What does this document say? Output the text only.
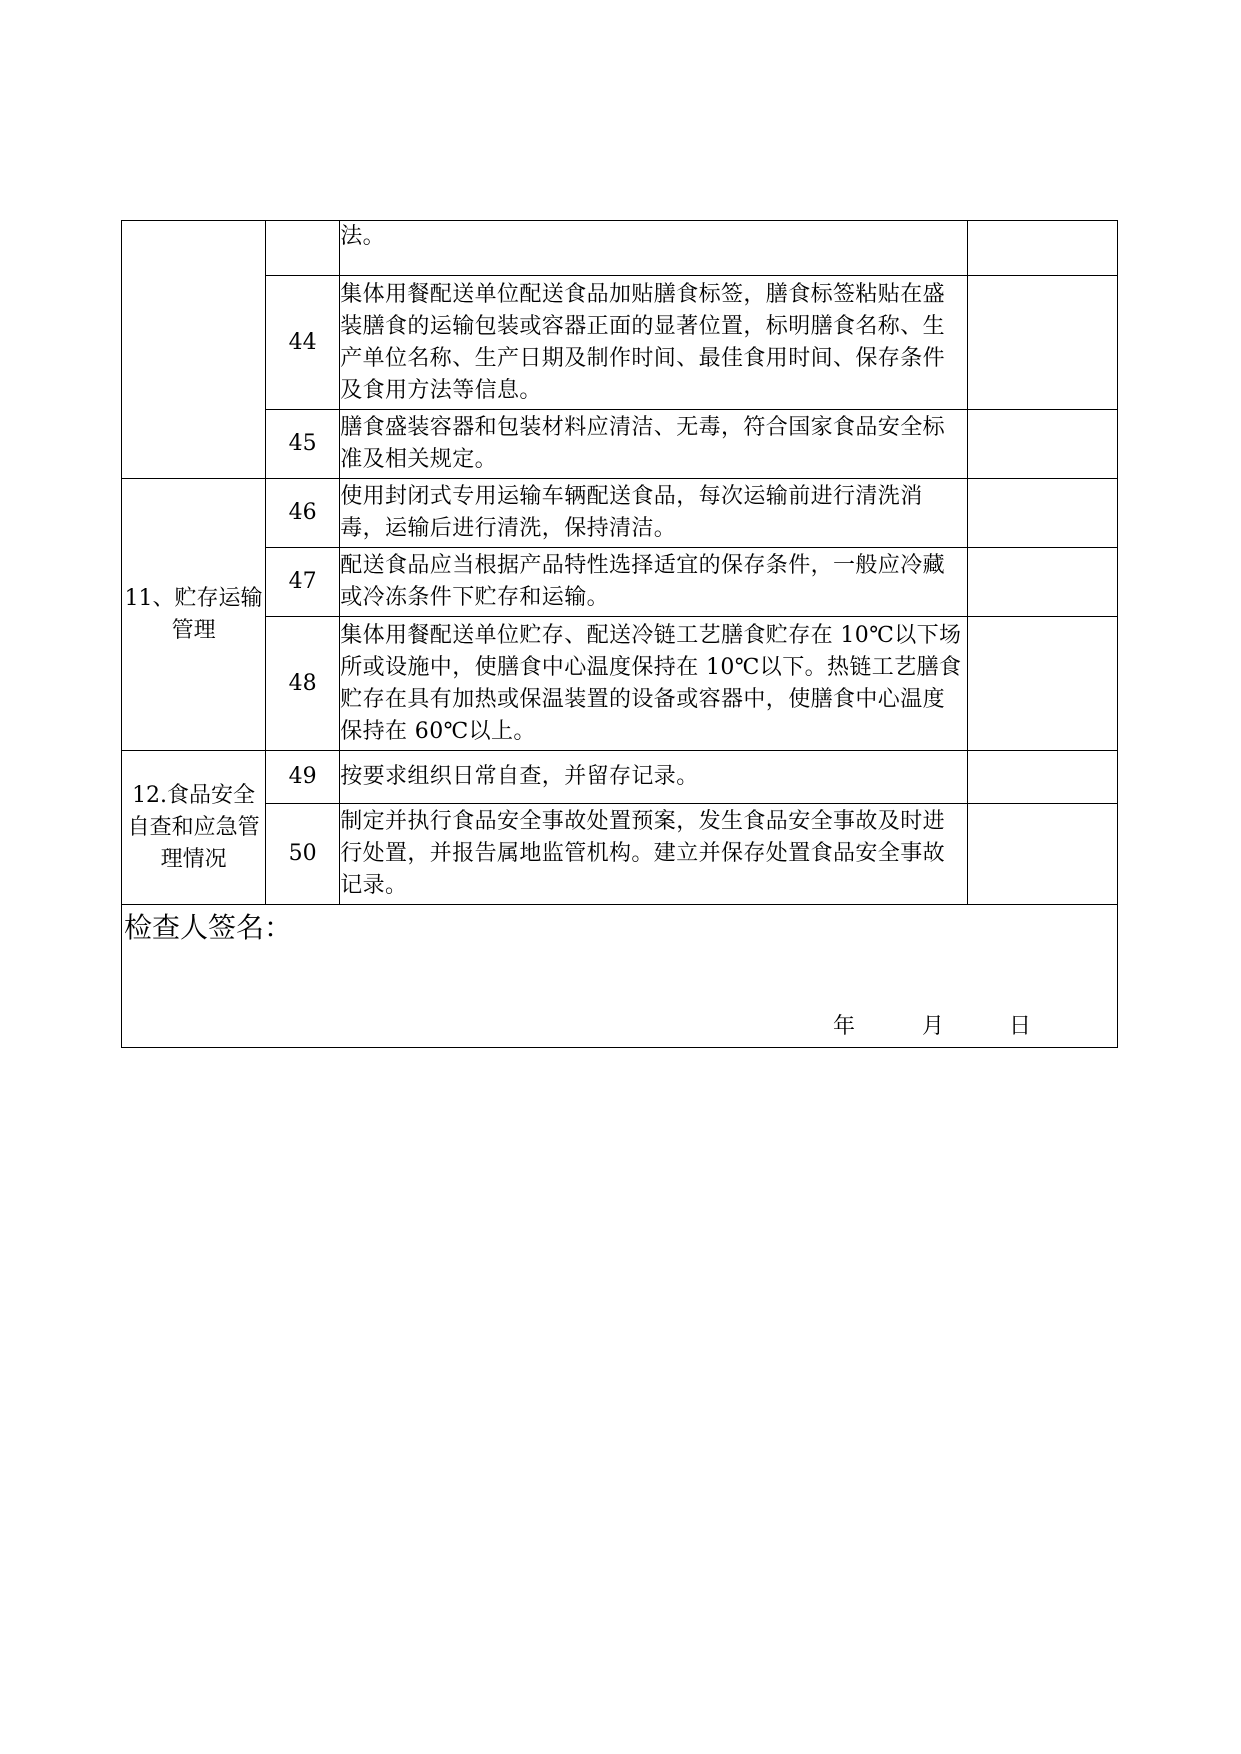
		法。	
	44	集体用餐配送单位配送食品加贴膳食标签，膳食标签粘贴在盛装膳食的运输包装或容器正面的显著位置，标明膳食名称、生产单位名称、生产日期及制作时间、最佳食用时间、保存条件及食用方法等信息。	
	45	膳食盛装容器和包装材料应清洁、无毒，符合国家食品安全标准及相关规定。	
11、贮存运输管理	46	使用封闭式专用运输车辆配送食品，每次运输前进行清洗消毒，运输后进行清洗，保持清洁。	
	47	配送食品应当根据产品特性选择适宜的保存条件，一般应冷藏或冷冻条件下贮存和运输。	
	48	集体用餐配送单位贮存、配送冷链工艺膳食贮存在 10℃以下场所或设施中，使膳食中心温度保持在 10℃以下。热链工艺膳食贮存在具有加热或保温装置的设备或容器中，使膳食中心温度保持在 60℃以上。	
12.食品安全自查和应急管理情况	49	按要求组织日常自查，并留存记录。	
	50	制定并执行食品安全事故处置预案，发生食品安全事故及时进行处置，并报告属地监管机构。建立并保存处置食品安全事故记录。	

检查人签名：
年 月 日			
